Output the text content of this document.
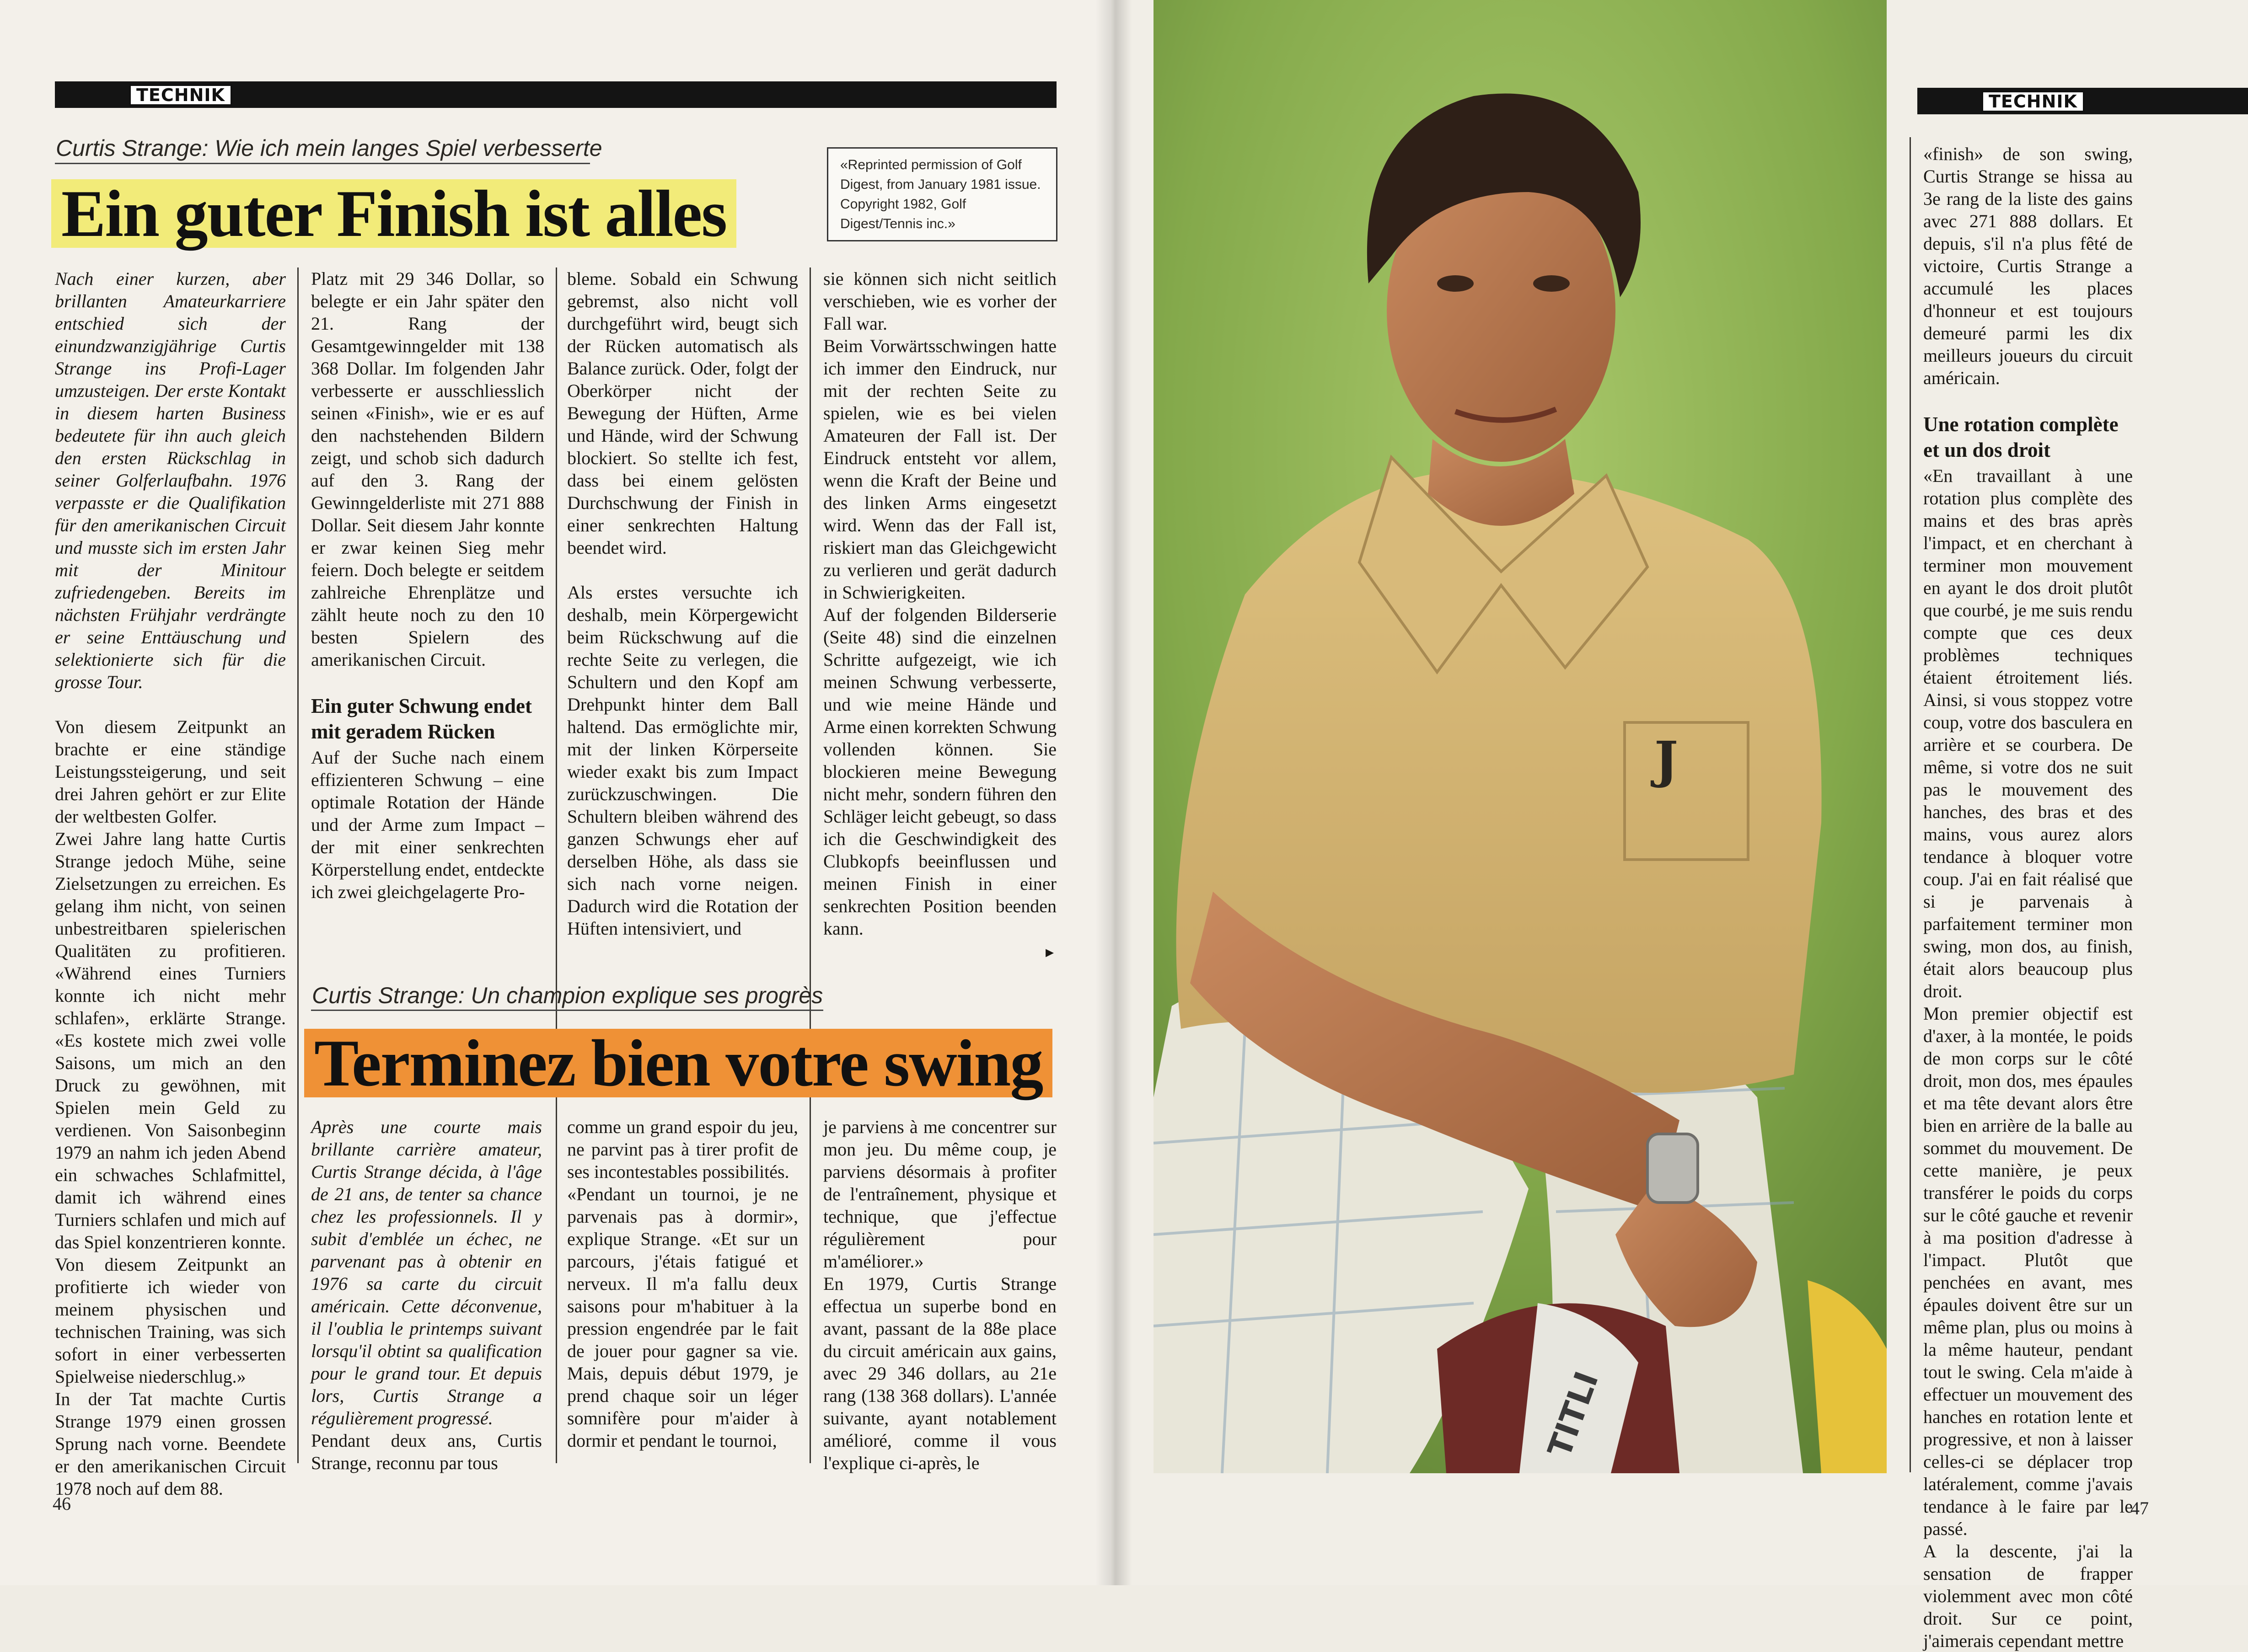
TECHNIK
Curtis Strange: Wie ich mein langes Spiel verbesserte
Ein guter Finish ist alles
«Reprinted permission of Golf Digest, from January 1981 issue. Copyright 1982, Golf Digest/Tennis inc.»

Nach einer kurzen, aber brillanten Amateurkarriere entschied sich der einundzwanzigjährige Curtis Strange ins Profi-Lager umzusteigen. Der erste Kontakt in diesem harten Business bedeutete für ihn auch gleich den ersten Rückschlag in seiner Golferlaufbahn. 1976 verpasste er die Qualifikation für den amerikanischen Circuit und musste sich im ersten Jahr mit der Minitour zufriedengeben. Bereits im nächsten Frühjahr verdrängte er seine Enttäuschung und selektionierte sich für die grosse Tour.

Von diesem Zeitpunkt an brachte er eine ständige Leistungssteigerung, und seit drei Jahren gehört er zur Elite der weltbesten Golfer.

Zwei Jahre lang hatte Curtis Strange jedoch Mühe, seine Zielsetzungen zu erreichen. Es gelang ihm nicht, von seinen unbestreitbaren spielerischen Qualitäten zu profitieren. «Während eines Turniers konnte ich nicht mehr schlafen», erklärte Strange. «Es kostete mich zwei volle Saisons, um mich an den Druck zu gewöhnen, mit Spielen mein Geld zu verdienen. Von Saisonbeginn 1979 an nahm ich jeden Abend ein schwaches Schlafmittel, damit ich während eines Turniers schlafen und mich auf das Spiel konzentrieren konnte. Von diesem Zeitpunkt an profitierte ich wieder von meinem physischen und technischen Training, was sich sofort in einer verbesserten Spielweise niederschlug.»

In der Tat machte Curtis Strange 1979 einen grossen Sprung nach vorne. Beendete er den amerikanischen Circuit 1978 noch auf dem 88.

Platz mit 29 346 Dollar, so belegte er ein Jahr später den 21. Rang der Gesamtgewinngelder mit 138 368 Dollar. Im folgenden Jahr verbesserte er ausschliesslich seinen «Finish», wie er es auf den nachstehenden Bildern zeigt, und schob sich dadurch auf den 3. Rang der Gewinngelderliste mit 271 888 Dollar. Seit diesem Jahr konnte er zwar keinen Sieg mehr feiern. Doch belegte er seitdem zahlreiche Ehrenplätze und zählt heute noch zu den 10 besten Spielern des amerikanischen Circuit.

Ein guter Schwung endet mit geradem Rücken

Auf der Suche nach einem effizienteren Schwung – eine optimale Rotation der Hände und der Arme zum Impact – der mit einer senkrechten Körperstellung endet, entdeckte ich zwei gleichgelagerte Pro-

bleme. Sobald ein Schwung gebremst, also nicht voll durchgeführt wird, beugt sich der Rücken automatisch als Balance zurück. Oder, folgt der Oberkörper nicht der Bewegung der Hüften, Arme und Hände, wird der Schwung blockiert. So stellte ich fest, dass bei einem gelösten Durchschwung der Finish in einer senkrechten Haltung beendet wird.

Als erstes versuchte ich deshalb, mein Körpergewicht beim Rückschwung auf die rechte Seite zu verlegen, die Schultern und den Kopf am Drehpunkt hinter dem Ball haltend. Das ermöglichte mir, mit der linken Körperseite wieder exakt bis zum Impact zurückzuschwingen. Die Schultern bleiben während des ganzen Schwungs eher auf derselben Höhe, als dass sie sich nach vorne neigen. Dadurch wird die Rotation der Hüften intensiviert, und

sie können sich nicht seitlich verschieben, wie es vorher der Fall war.

Beim Vorwärtsschwingen hatte ich immer den Eindruck, nur mit der rechten Seite zu spielen, wie es bei vielen Amateuren der Fall ist. Der Eindruck entsteht vor allem, wenn die Kraft der Beine und des linken Arms eingesetzt wird. Wenn das der Fall ist, riskiert man das Gleichgewicht zu verlieren und gerät dadurch in Schwierigkeiten.

Auf der folgenden Bilderserie (Seite 48) sind die einzelnen Schritte aufgezeigt, wie ich meinen Schwung verbesserte, und wie meine Hände und Arme einen korrekten Schwung vollenden können. Sie blockieren meine Bewegung nicht mehr, sondern führen den Schläger leicht gebeugt, so dass ich die Geschwindigkeit des Clubkopfs beeinflussen und meinen Finish in einer senkrechten Position beenden kann.

►

Curtis Strange: Un champion explique ses progrès
Terminez bien votre swing

Après une courte mais brillante carrière amateur, Curtis Strange décida, à l'âge de 21 ans, de tenter sa chance chez les professionnels. Il y subit d'emblée un échec, ne parvenant pas à obtenir en 1976 sa carte du circuit américain. Cette déconvenue, il l'oublia le printemps suivant lorsqu'il obtint sa qualification pour le grand tour. Et depuis lors, Curtis Strange a régulièrement progressé.

Pendant deux ans, Curtis Strange, reconnu par tous

comme un grand espoir du jeu, ne parvint pas à tirer profit de ses incontestables possibilités.

«Pendant un tournoi, je ne parvenais pas à dormir», explique Strange. «Et sur un parcours, j'étais fatigué et nerveux. Il m'a fallu deux saisons pour m'habituer à la pression engendrée par le fait de jouer pour gagner sa vie. Mais, depuis début 1979, je prend chaque soir un léger somnifère pour m'aider à dormir et pendant le tournoi,

je parviens à me concentrer sur mon jeu. Du même coup, je parviens désormais à profiter de l'entraînement, physique et technique, que j'effectue régulièrement pour m'améliorer.»

En 1979, Curtis Strange effectua un superbe bond en avant, passant de la 88e place du circuit américain aux gains, avec 29 346 dollars, au 21e rang (138 368 dollars). L'année suivante, ayant notablement amélioré, comme il vous l'explique ci-après, le

46
TECHNIK

«finish» de son swing, Curtis Strange se hissa au 3e rang de la liste des gains avec 271 888 dollars. Et depuis, s'il n'a plus fêté de victoire, Curtis Strange a accumulé les places d'honneur et est toujours demeuré parmi les dix meilleurs joueurs du circuit américain.

Une rotation complète et un dos droit

«En travaillant à une rotation plus complète des mains et des bras après l'impact, et en cherchant à terminer mon mouvement en ayant le dos droit plutôt que courbé, je me suis rendu compte que ces deux problèmes techniques étaient étroitement liés. Ainsi, si vous stoppez votre coup, votre dos basculera en arrière et se courbera. De même, si votre dos ne suit pas le mouvement des hanches, des bras et des mains, vous aurez alors tendance à bloquer votre coup. J'ai en fait réalisé que si je parvenais à parfaitement terminer mon swing, mon dos, au finish, était alors beaucoup plus droit.

Mon premier objectif est d'axer, à la montée, le poids de mon corps sur le côté droit, mon dos, mes épaules et ma tête devant alors être bien en arrière de la balle au sommet du mouvement. De cette manière, je peux transférer le poids du corps sur le côté gauche et revenir à ma position d'adresse à l'impact. Plutôt que penchées en avant, mes épaules doivent être sur un même plan, plus ou moins à la même hauteur, pendant tout le swing. Cela m'aide à effectuer un mouvement des hanches en rotation lente et progressive, et non à laisser celles-ci se déplacer trop latéralement, comme j'avais tendance à le faire par le passé.

A la descente, j'ai la sensation de frapper violemment avec mon côté droit. Sur ce point, j'aimerais cependant mettre

47
J
TITLI
